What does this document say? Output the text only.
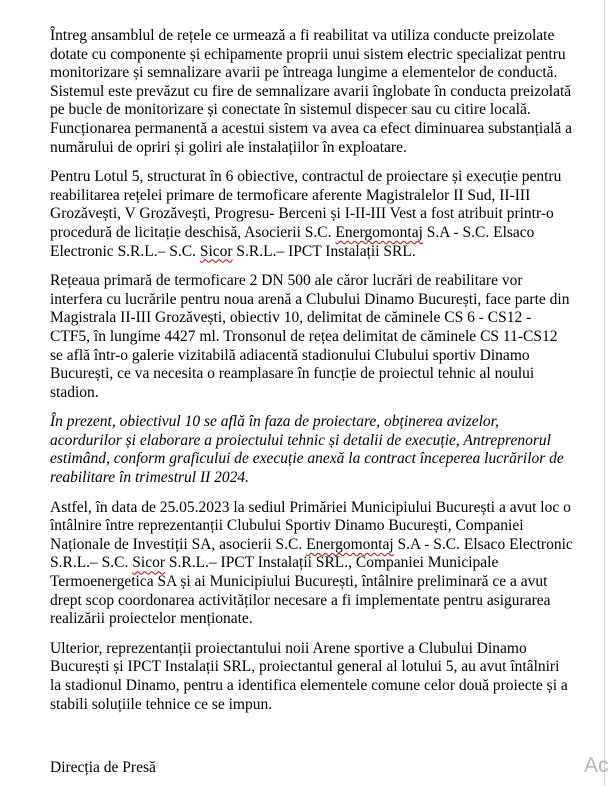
Întreg ansamblul de rețele ce urmează a fi reabilitat va utiliza conducte preizolate dotate cu componente și echipamente proprii unui sistem electric specializat pentru monitorizare și semnalizare avarii pe întreaga lungime a elementelor de conductă. Sistemul este prevăzut cu fire de semnalizare avarii înglobate în conducta preizolată pe bucle de monitorizare și conectate în sistemul dispecer sau cu citire locală. Funcționarea permanentă a acestui sistem va avea ca efect diminuarea substanțială a numărului de opriri și goliri ale instalațiilor în exploatare.

Pentru Lotul 5, structurat în 6 obiective, contractul de proiectare și execuție pentru reabilitarea rețelei primare de termoficare aferente Magistralelor II Sud, II-III Grozăvești, V Grozăvești, Progresu- Berceni și I-II-III Vest a fost atribuit printr-o procedură de licitație deschisă, Asocierii S.C. Energomontaj S.A - S.C. Elsaco Electronic S.R.L.– S.C. Sicor S.R.L.– IPCT Instalații SRL.

Rețeaua primară de termoficare 2 DN 500 ale căror lucrări de reabilitare vor interfera cu lucrările pentru noua arenă a Clubului Dinamo București, face parte din Magistrala II-III Grozăvești, obiectiv 10, delimitat de căminele CS 6 - CS12 - CTF5, în lungime 4427 ml. Tronsonul de rețea delimitat de căminele CS 11-CS12 se află într-o galerie vizitabilă adiacentă stadionului Clubului sportiv Dinamo București, ce va necesita o reamplasare în funcție de proiectul tehnic al noului stadion.

În prezent, obiectivul 10 se află în faza de proiectare, obținerea avizelor, acordurilor și elaborare a proiectului tehnic și detalii de execuție, Antreprenorul estimând, conform graficului de execuție anexă la contract începerea lucrărilor de reabilitare în trimestrul II 2024.

Astfel, în data de 25.05.2023 la sediul Primăriei Municipiului București a avut loc o întâlnire între reprezentanții Clubului Sportiv Dinamo București, Companiei Naționale de Investiții SA, asocierii S.C. Energomontaj S.A - S.C. Elsaco Electronic S.R.L.– S.C. Sicor S.R.L.– IPCT Instalații SRL., Companiei Municipale Termoenergetica SA și ai Municipiului București, întâlnire preliminară ce a avut drept scop coordonarea activităților necesare a fi implementate pentru asigurarea realizării proiectelor menționate.

Ulterior, reprezentanții proiectantului noii Arene sportive a Clubului Dinamo București și IPCT Instalații SRL, proiectantul general al lotului 5, au avut întâlniri la stadionul Dinamo, pentru a identifica elementele comune celor două proiecte și a stabili soluțiile tehnice ce se impun.

Direcția de Presă	Ac
